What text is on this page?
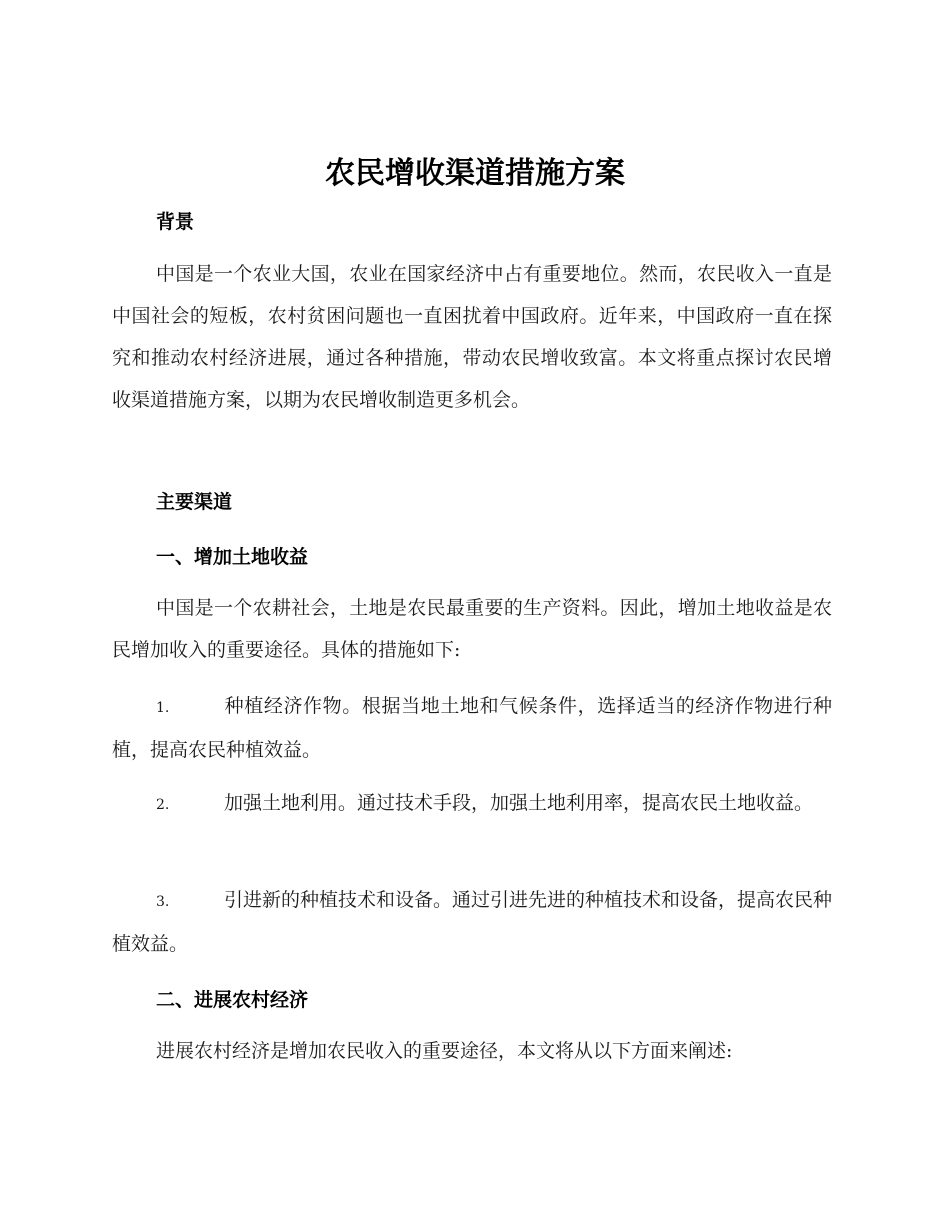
农民增收渠道措施方案
背景

中国是一个农业大国，农业在国家经济中占有重要地位。然而，农民收入一直是中国社会的短板，农村贫困问题也一直困扰着中国政府。近年来，中国政府一直在探究和推动农村经济进展，通过各种措施，带动农民增收致富。本文将重点探讨农民增收渠道措施方案，以期为农民增收制造更多机会。

主要渠道
一、增加土地收益

中国是一个农耕社会，土地是农民最重要的生产资料。因此，增加土地收益是农民增加收入的重要途径。具体的措施如下:

1.	种植经济作物。根据当地土地和气候条件，选择适当的经济作物进行种植，提高农民种植效益。

2.	加强土地利用。通过技术手段，加强土地利用率，提高农民土地收益。

3.	引进新的种植技术和设备。通过引进先进的种植技术和设备，提高农民种植效益。

二、进展农村经济

进展农村经济是增加农民收入的重要途径，本文将从以下方面来阐述:
